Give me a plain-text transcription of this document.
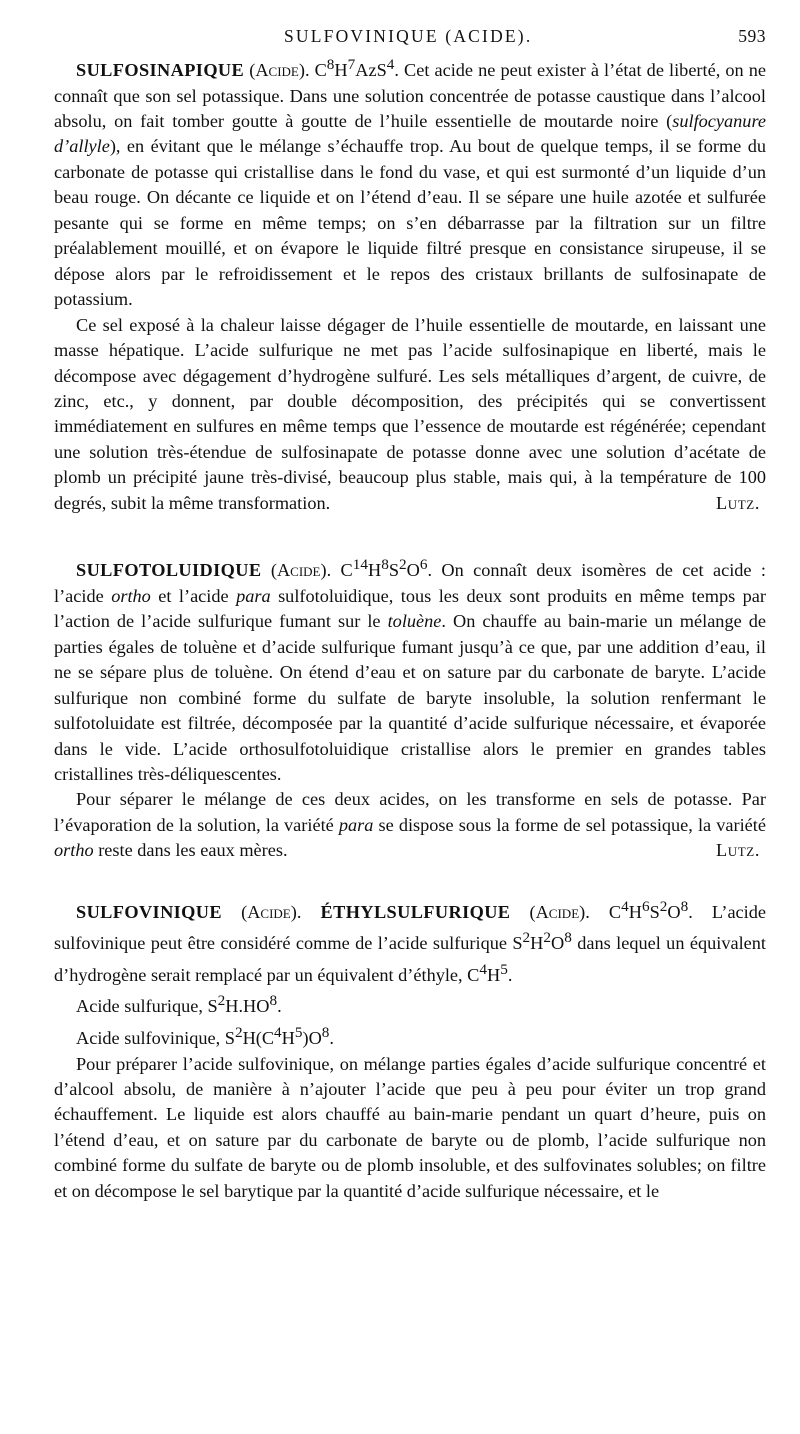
SULFOVINIQUE (ACIDE).	593

SULFOSINAPIQUE (Acide). $C^8H^7AzS^4$. Cet acide ne peut exister à l’état de liberté, on ne connaît que son sel potassique. Dans une solution concentrée de potasse caustique dans l’alcool absolu, on fait tomber goutte à goutte de l’huile essentielle de moutarde noire (sulfocyanure d’allyle), en évitant que le mélange s’échauffe trop. Au bout de quelque temps, il se forme du carbonate de potasse qui cristallise dans le fond du vase, et qui est surmonté d’un liquide d’un beau rouge. On décante ce liquide et on l’étend d’eau. Il se sépare une huile azotée et sulfurée pesante qui se forme en même temps; on s’en débarrasse par la filtration sur un filtre préalablement mouillé, et on évapore le liquide filtré presque en consistance sirupeuse, il se dépose alors par le refroidissement et le repos des cristaux brillants de sulfosinapate de potassium.

Ce sel exposé à la chaleur laisse dégager de l’huile essentielle de moutarde, en laissant une masse hépatique. L’acide sulfurique ne met pas l’acide sulfosinapique en liberté, mais le décompose avec dégagement d’hydrogène sulfuré. Les sels métalliques d’argent, de cuivre, de zinc, etc., y donnent, par double décomposition, des précipités qui se convertissent immédiatement en sulfures en même temps que l’essence de moutarde est régénérée; cependant une solution très-étendue de sulfosinapate de potasse donne avec une solution d’acétate de plomb un précipité jaune très-divisé, beaucoup plus stable, mais qui, à la température de 100 degrés, subit la même transformation.	Lutz.

SULFOTOLUIDIQUE (Acide). $C^{14}H^8S^2O^6$. On connaît deux isomères de cet acide : l’acide ortho et l’acide para sulfotoluidique, tous les deux sont produits en même temps par l’action de l’acide sulfurique fumant sur le toluène. On chauffe au bain-marie un mélange de parties égales de toluène et d’acide sulfurique fumant jusqu’à ce que, par une addition d’eau, il ne se sépare plus de toluène. On étend d’eau et on sature par du carbonate de baryte. L’acide sulfurique non combiné forme du sulfate de baryte insoluble, la solution renfermant le sulfotoluidate est filtrée, décomposée par la quantité d’acide sulfurique nécessaire, et évaporée dans le vide. L’acide orthosulfotoluidique cristallise alors le premier en grandes tables cristallines très-déliquescentes.

Pour séparer le mélange de ces deux acides, on les transforme en sels de potasse. Par l’évaporation de la solution, la variété para se dispose sous la forme de sel potassique, la variété ortho reste dans les eaux mères.	Lutz.

SULFOVINIQUE (Acide). ÉTHYLSULFURIQUE (Acide). $C^4H^6S^2O^8$. L’acide sulfovinique peut être considéré comme de l’acide sulfurique $S^2H^2O^8$ dans lequel un équivalent d’hydrogène serait remplacé par un équivalent d’éthyle, $C^4H^5$.

Acide sulfurique, $S^2H.HO^8$.

Acide sulfovinique, $S^2H(C^4H^5)O^8$.

Pour préparer l’acide sulfovinique, on mélange parties égales d’acide sulfurique concentré et d’alcool absolu, de manière à n’ajouter l’acide que peu à peu pour éviter un trop grand échauffement. Le liquide est alors chauffé au bain-marie pendant un quart d’heure, puis on l’étend d’eau, et on sature par du carbonate de baryte ou de plomb, l’acide sulfurique non combiné forme du sulfate de baryte ou de plomb insoluble, et des sulfovinates solubles; on filtre et on décompose le sel barytique par la quantité d’acide sulfurique nécessaire, et le
